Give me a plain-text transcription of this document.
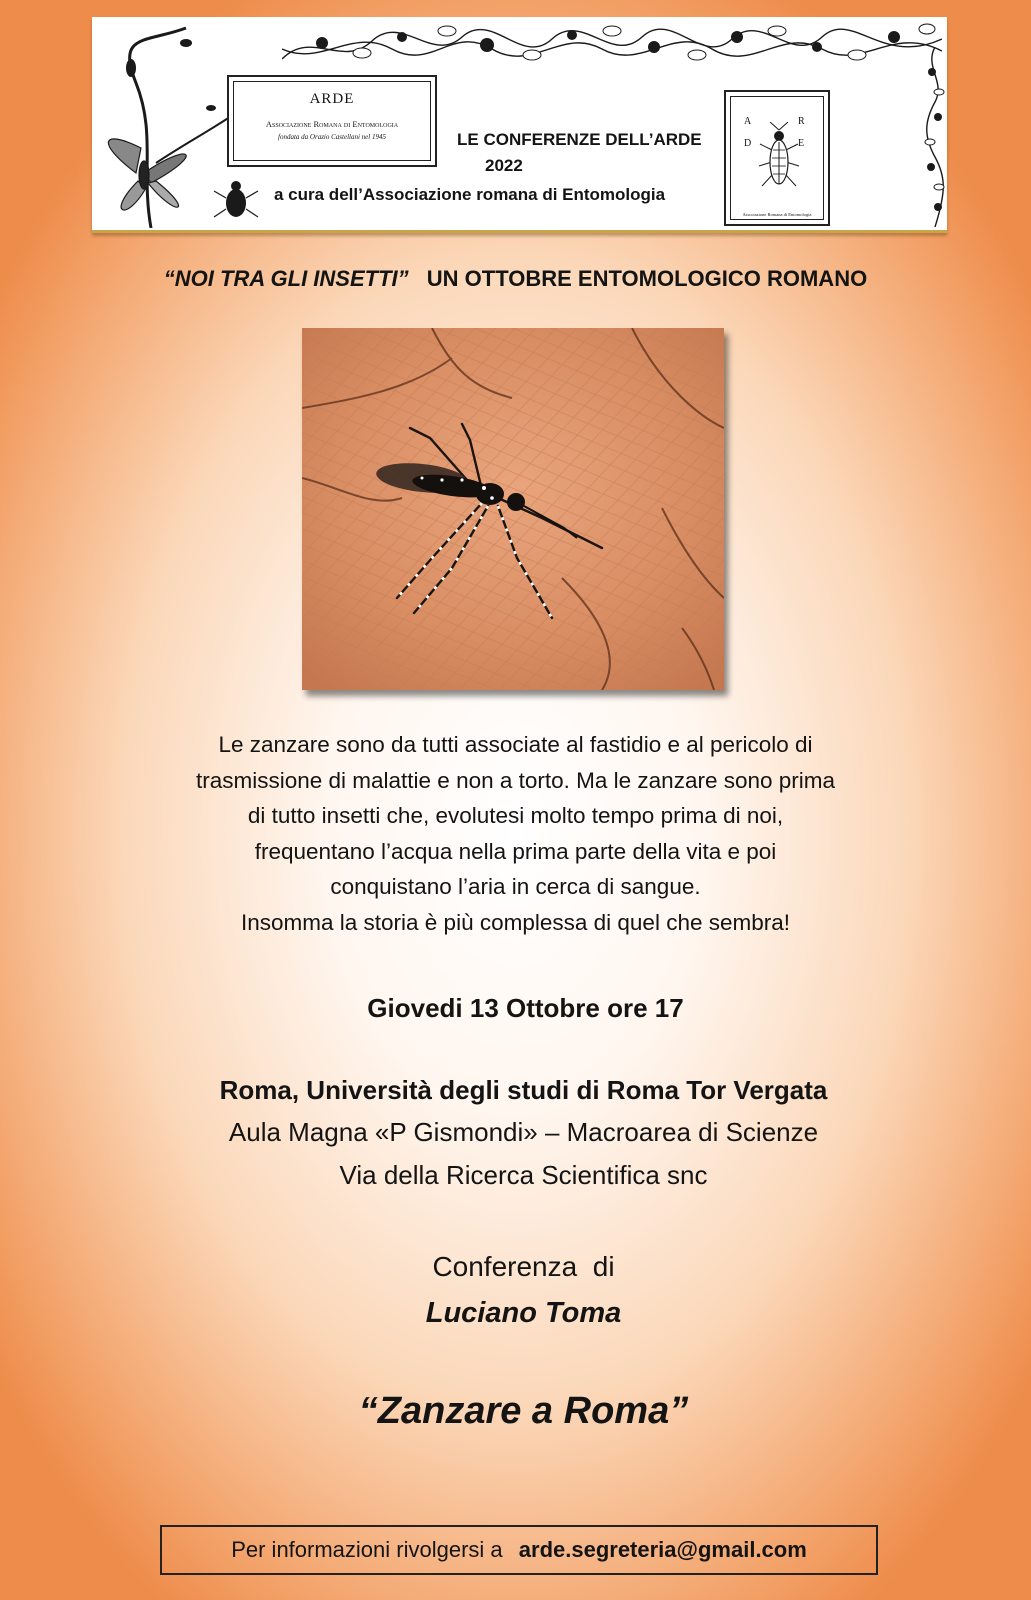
ARDE
Associazione Romana di Entomologia
fondata da Orazio Castellani nel 1945	LE CONFERENZE DELL’ARDE
2022
a cura dell’Associazione romana di Entomologia
A	R
D	E
Associazione Romana di Entomologia
“NOI TRA GLI INSETTI” UN OTTOBRE ENTOMOLOGICO ROMANO
Le zanzare sono da tutti associate al fastidio e al pericolo di
trasmissione di malattie e non a torto. Ma le zanzare sono prima
di tutto insetti che, evolutesi molto tempo prima di noi,
frequentano l’acqua nella prima parte della vita e poi
conquistano l’aria in cerca di sangue.
Insomma la storia è più complessa di quel che sembra!
Giovedi 13 Ottobre ore 17
Roma, Università degli studi di Roma Tor Vergata
Aula Magna «P Gismondi» – Macroarea di Scienze
Via della Ricerca Scientifica snc
Conferenza  di
Luciano Toma
“Zanzare a Roma”
Per informazioni rivolgersi a arde.segreteria@gmail.com
